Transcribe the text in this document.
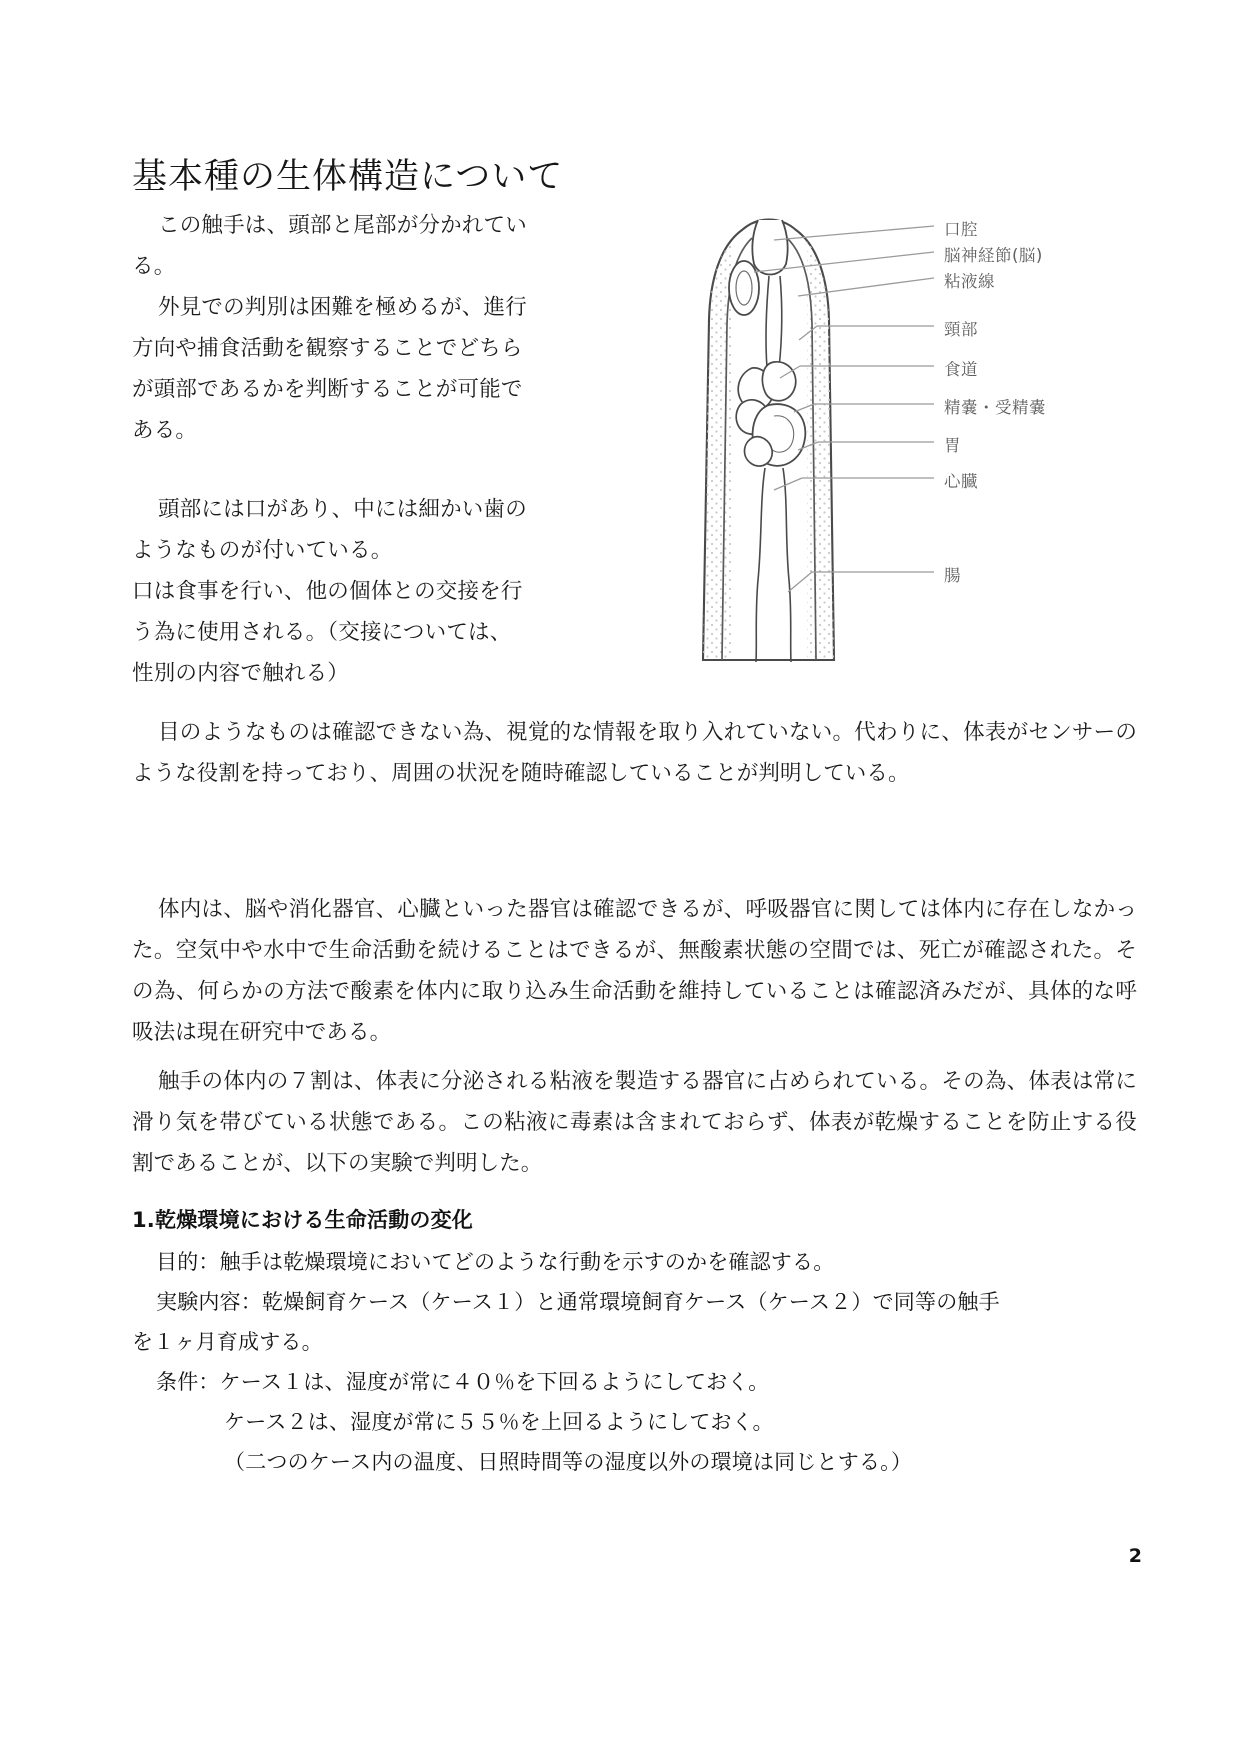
基本種の生体構造について

この触手は、頭部と尾部が分かれている。

外見での判別は困難を極めるが、進行方向や捕食活動を観察することでどちらが頭部であるかを判断することが可能である。

頭部には口があり、中には細かい歯のようなものが付いている。

口は食事を行い、他の個体との交接を行う為に使用される。（交接については、性別の内容で触れる）

口腔
脳神経節(脳)
粘液線
頸部
食道
精嚢・受精嚢
胃
心臓
腸

目のようなものは確認できない為、視覚的な情報を取り入れていない。代わりに、体表がセンサーのような役割を持っており、周囲の状況を随時確認していることが判明している。

体内は、脳や消化器官、心臓といった器官は確認できるが、呼吸器官に関しては体内に存在しなかった。空気中や水中で生命活動を続けることはできるが、無酸素状態の空間では、死亡が確認された。その為、何らかの方法で酸素を体内に取り込み生命活動を維持していることは確認済みだが、具体的な呼吸法は現在研究中である。

触手の体内の７割は、体表に分泌される粘液を製造する器官に占められている。その為、体表は常に滑り気を帯びている状態である。この粘液に毒素は含まれておらず、体表が乾燥することを防止する役割であることが、以下の実験で判明した。

1.乾燥環境における生命活動の変化

目的：触手は乾燥環境においてどのような行動を示すのかを確認する。

実験内容：乾燥飼育ケース（ケース１）と通常環境飼育ケース（ケース２）で同等の触手

を１ヶ月育成する。

条件：ケース１は、湿度が常に４０％を下回るようにしておく。

ケース２は、湿度が常に５５％を上回るようにしておく。

（二つのケース内の温度、日照時間等の湿度以外の環境は同じとする。）

2
